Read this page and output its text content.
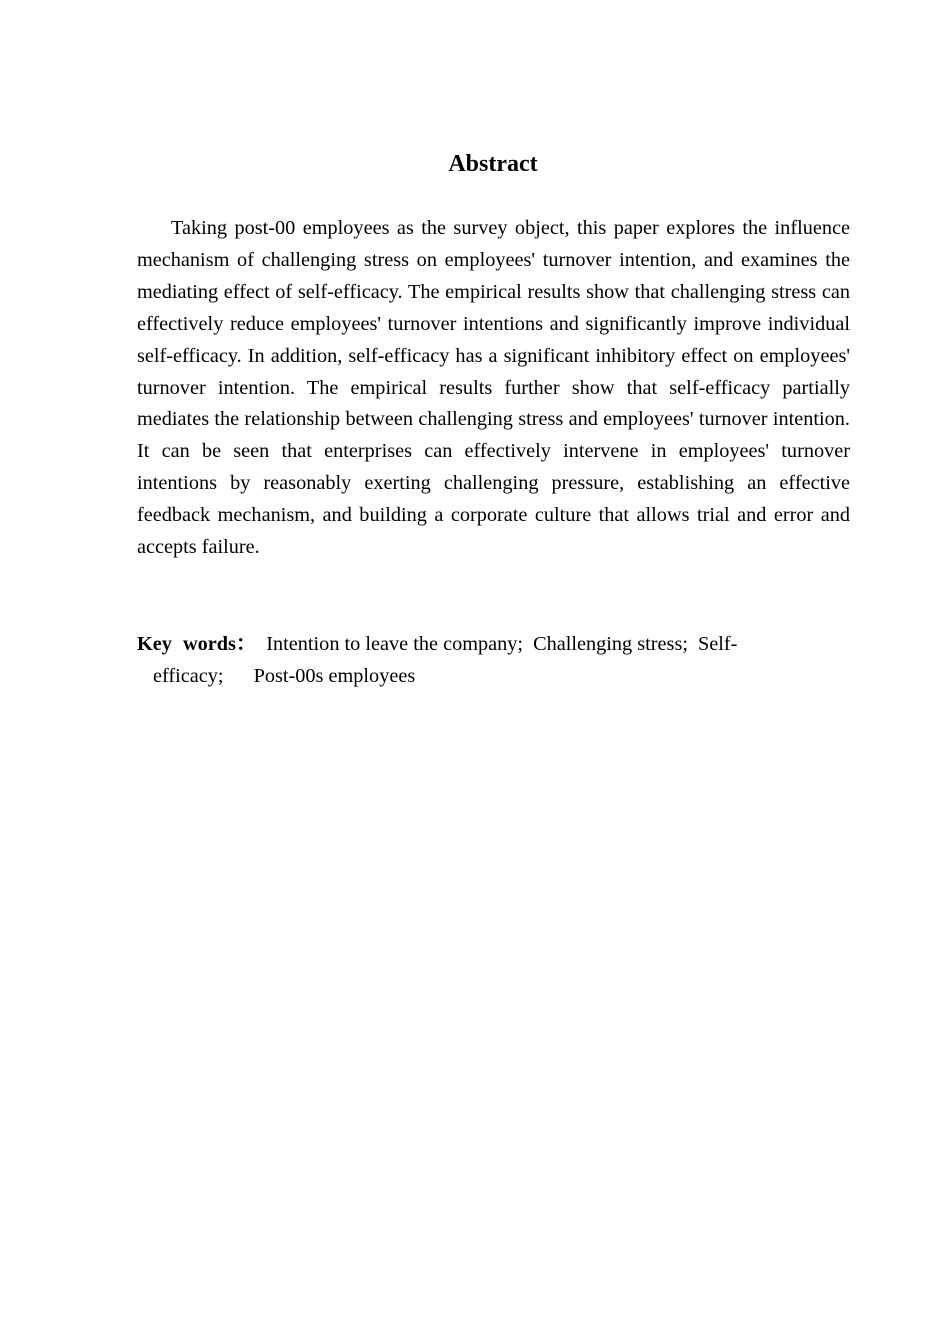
Abstract

Taking post-00 employees as the survey object, this paper explores the influence mechanism of challenging stress on employees' turnover intention, and examines the mediating effect of self-efficacy. The empirical results show that challenging stress can effectively reduce employees' turnover intentions and significantly improve individual self-efficacy. In addition, self-efficacy has a significant inhibitory effect on employees' turnover intention. The empirical results further show that self-efficacy partially mediates the relationship between challenging stress and employees' turnover intention. It can be seen that enterprises can effectively intervene in employees' turnover intentions by reasonably exerting challenging pressure, establishing an effective feedback mechanism, and building a corporate culture that allows trial and error and accepts failure.

Key words： Intention to leave the company; Challenging stress; Self-
efficacy; Post-00s employees
